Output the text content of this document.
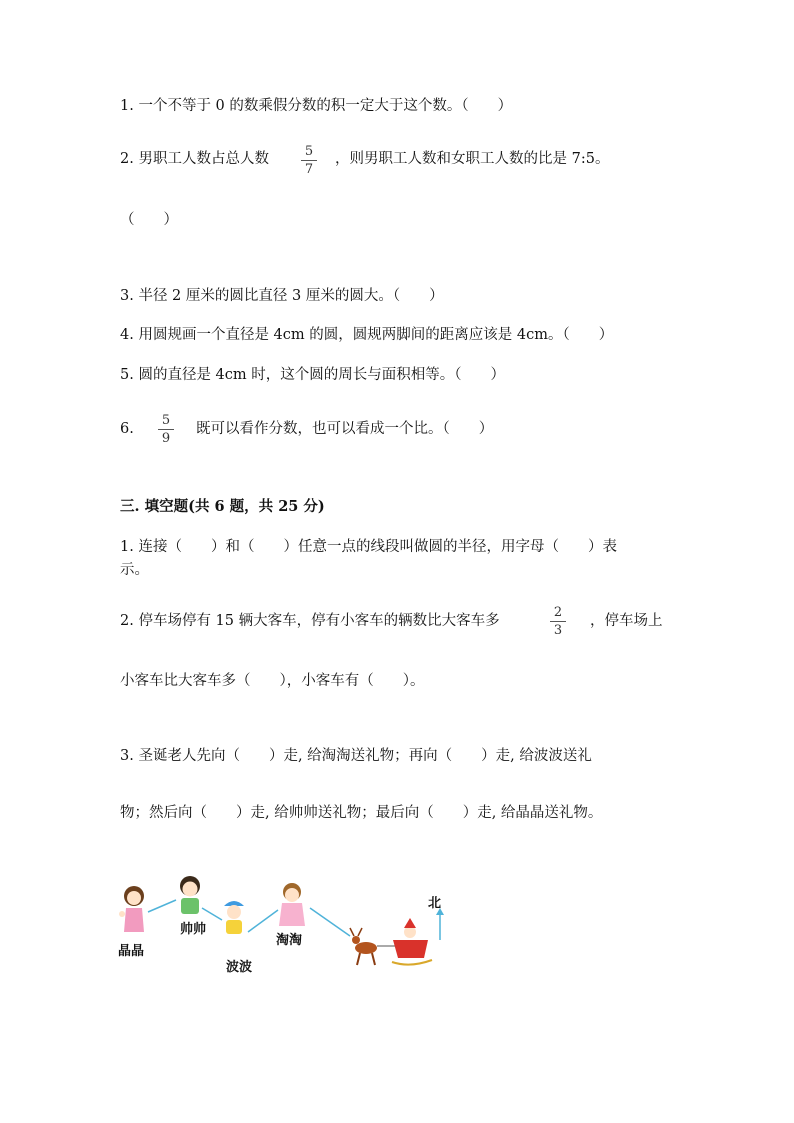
1. 一个不等于 0 的数乘假分数的积一定大于这个数。（　　）
2. 男职工人数占总人数	5
7
，则男职工人数和女职工人数的比是 7:5。
（　　）
3. 半径 2 厘米的圆比直径 3 厘米的圆大。（　　）
4. 用圆规画一个直径是 4cm 的圆，圆规两脚间的距离应该是 4cm。（　　）
5. 圆的直径是 4cm 时，这个圆的周长与面积相等。（　　）
6.
5
9
既可以看作分数，也可以看成一个比。（　　）
三. 填空题(共 6 题，共 25 分)
1. 连接（　　）和（　　）任意一点的线段叫做圆的半径，用字母（　　）表
示。
2. 停车场停有 15 辆大客车，停有小客车的辆数比大客车多
2
3
，停车场上
小客车比大客车多（　　），小客车有（　　）。
3. 圣诞老人先向（　　）走, 给淘淘送礼物；再向（　　）走, 给波波送礼
物；然后向（　　）走, 给帅帅送礼物；最后向（　　）走, 给晶晶送礼物。
晶晶
帅帅
波波
淘淘
北
